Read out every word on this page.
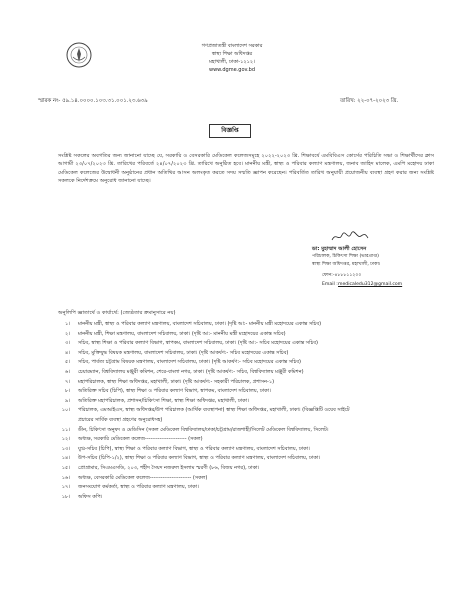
গণপ্রজাতন্ত্রী বাংলাদেশ সরকার
স্বাস্থ্য শিক্ষা অধিদপ্তর
মহাখালী, ঢাকা-১২১২।
www.dgme.gov.bd
স্মারক নং- ৫৯.১৪.০০০০.১০৩.৩১.০০১.২৩.৬৩৯	তারিখ: ২২-০৭-২০২৩ খ্রি.
বিজ্ঞপ্তি
সংশ্লিষ্ট সকলের অবগতির জন্য জানানো যাচ্ছে যে, সরকারি ও বেসরকারি মেডিকেল কলেজসমূহে ২০২২-২০২৩ খ্রি. শিক্ষাবর্ষে এমবিবিএস কোর্সের পরিচিতি সভা ও শিক্ষার্থীদের ক্লাস আগামী ২৩/০৭/২০২৩ খ্রি. তারিখের পরিবর্তে ২৪/০৭/২০২৩ খ্রি. তারিখে অনুষ্ঠিত হবে। মাননীয় মন্ত্রী, স্বাস্থ্য ও পরিবার কল্যাণ মন্ত্রণালয়, জনাব জাহিদ মালেক, এমপি মহোদয় ঢাকা মেডিকেল কলেজের উদ্বোধনী অনুষ্ঠানের প্রধান অতিথির আসন অলংকৃত করতে সদয় সম্মতি জ্ঞাপন করেছেন। পরিবর্তিত তারিখ অনুযায়ী প্রয়োজনীয় ব্যবস্থা গ্রহণ করার জন্য সংশ্লিষ্ট সকলকে নির্দেশক্রমে অনুরোধ জানানো যাচ্ছে।
ডা: মুহাম্মাদ আলী হোসেন
পরিচালক, চিকিৎসা শিক্ষা (ভারপ্রাপ্ত)
স্বাস্থ্য শিক্ষা অধিদপ্তর, মহাখালী, ঢাকা।
ফোন:-৪৮৮৮১১২০০
Email : medicaledu312@gmail.com
অনুলিপি জ্ঞাতার্থে ও কার্যার্থে: (জ্যেষ্ঠতার ক্রমানুসারে নয়)
১। মাননীয় মন্ত্রী, স্বাস্থ্য ও পরিবার কল্যাণ মন্ত্রণালয়, বাংলাদেশ সচিবালয়, ঢাকা। (দৃষ্টি আ:- মাননীয় মন্ত্রী মহোদয়ের একান্ত সচিব)
২। মাননীয় মন্ত্রী, শিক্ষা মন্ত্রণালয়, বাংলাদেশ সচিবালয়, ঢাকা। (দৃষ্টি আ:- মাননীয় মন্ত্রী মহোদয়ের একান্ত সচিব)
৩। সচিব, স্বাস্থ্য শিক্ষা ও পরিবার কল্যাণ বিভাগ, স্বাপকম, বাংলাদেশ সচিবালয়, ঢাকা। (দৃষ্টি আ:- সচিব মহোদয়ের একান্ত সচিব)
৪। সচিব, মুক্তিযুদ্ধ বিষয়ক মন্ত্রণালয়, বাংলাদেশ সচিবালয়, ঢাকা। (দৃষ্টি আকর্ষণ:- সচিব মহোদয়ের একান্ত সচিব)
৫। সচিব, পার্বত্য চট্টগ্রাম বিষয়ক মন্ত্রণালয়, বাংলাদেশ সচিবালয়, ঢাকা। (দৃষ্টি আকর্ষণ:- সচিব মহোদয়ের একান্ত সচিব)
৬। চেয়ারম্যান, বিশ্ববিদ্যালয় মঞ্জুরী কমিশন, শেরে-বাংলা নগর, ঢাকা। (দৃষ্টি আকর্ষণ:- সচিব, বিশ্ববিদ্যালয় মঞ্জুরী কমিশন)
৭। মহাপরিচালক, স্বাস্থ্য শিক্ষা অধিদপ্তর, মহাখালী, ঢাকা। (দৃষ্টি আকর্ষণ:- সহকারী পরিচালক, প্রশাসন-১)
৮। অতিরিক্ত সচিব (চিপি), স্বাস্থ্য শিক্ষা ও পরিবার কল্যাণ বিভাগ, স্বাপকম, বাংলাদেশ সচিবালয়, ঢাকা।
৯। অতিরিক্ত মহাপরিচালক, প্রশাসন/চিকিৎসা শিক্ষা, স্বাস্থ্য শিক্ষা অধিদপ্তর, মহাখালী, ঢাকা।
১০। পরিচালক, এমআইএস, স্বাস্থ্য অধিদপ্তর/উপ পরিচালক (আর্থিক ব্যবস্থাপনা) স্বাস্থ্য শিক্ষা অধিদপ্তর, মহাখালী, ঢাকা। (বিজ্ঞপ্তিটি ওয়েব সাইটে
প্রচারের সার্বিক ব্যবস্থা গ্রহণের অনুরোধসহ)
১১। ডীন, চিকিৎসা অনুষদ ও মেডিসিন (সকল মেডিকেল বিশ্ববিদ্যালয়/ঢাকা/চট্টগ্রাম/রাজশাহী/সিলেট মেডিকেল বিশ্ববিদ্যালয়, সিলেট।
১২। অধ্যক্ষ, সরকারি মেডিকেল কলেজ----------------------- (সকল)
১৩। যুগ্ম-সচিব (চিপি), স্বাস্থ্য শিক্ষা ও পরিবার কল্যাণ বিভাগ, স্বাস্থ্য ও পরিবার কল্যাণ মন্ত্রণালয়, বাংলাদেশ সচিবালয়, ঢাকা।
১৪। উপ-সচিব (চিপি-১/২), স্বাস্থ্য শিক্ষা ও পরিবার কল্যাণ বিভাগ, স্বাস্থ্য ও পরিবার কল্যাণ মন্ত্রণালয়, বাংলাদেশ সচিবালয়, ঢাকা।
১৫। প্রোগ্রামার, সিএমএসডি, ২০৩, শহীদ সৈয়দ নজরুল ইসলাম স্মরণী (৮৬, বিজয় নগর), ঢাকা।
১৬। অধ্যক্ষ, বেসরকারি মেডিকেল কলেজ----------------------- (সকল)
১৭। জনসংযোগ কর্মকর্তা, স্বাস্থ্য ও পরিবার কল্যাণ মন্ত্রণালয়, ঢাকা।
১৮। অফিস কপি।
